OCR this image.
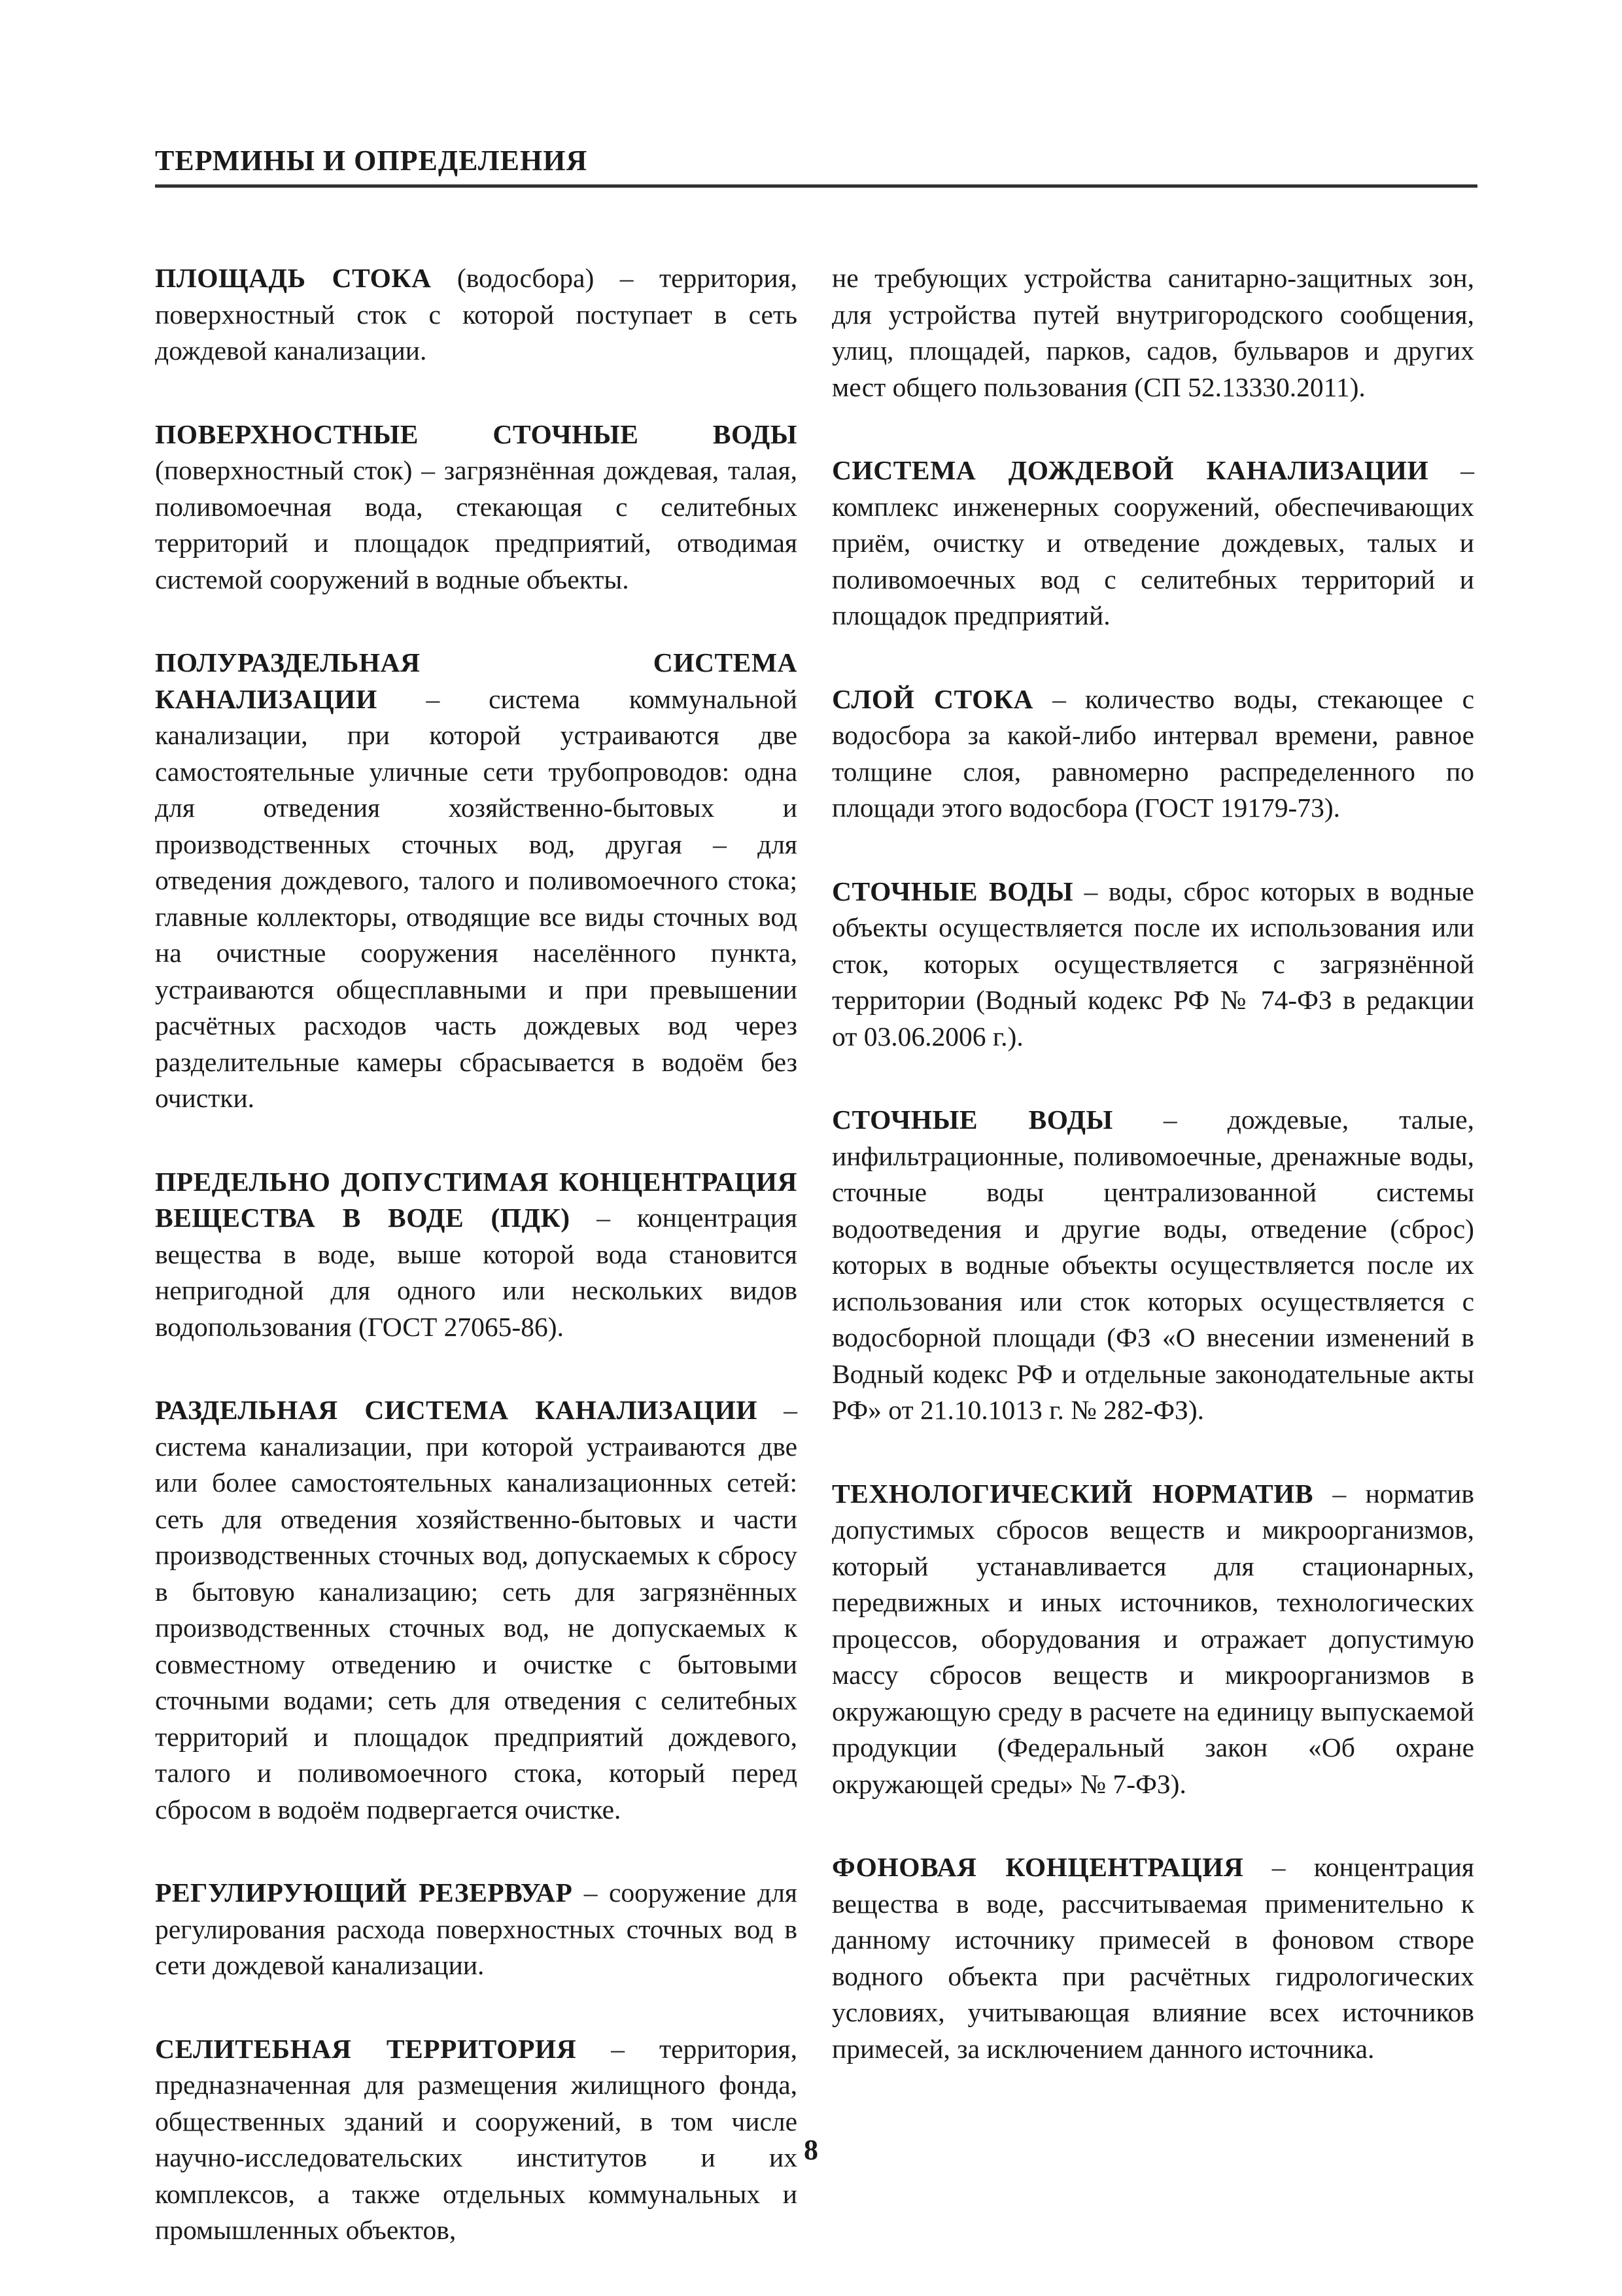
ТЕРМИНЫ И ОПРЕДЕЛЕНИЯ

ПЛОЩАДЬ СТОКА (водосбора) – территория, поверхностный сток с которой поступает в сеть дождевой канализации.

ПОВЕРХНОСТНЫЕ СТОЧНЫЕ ВОДЫ (поверхностный сток) – загрязнённая дождевая, талая, поливомоечная вода, стекающая с селитебных территорий и площадок предприятий, отводимая системой сооружений в водные объекты.

ПОЛУРАЗДЕЛЬНАЯ СИСТЕМА КАНАЛИЗАЦИИ – система коммунальной канализации, при которой устраиваются две самостоятельные уличные сети трубопроводов: одна для отведения хозяйственно-бытовых и производственных сточных вод, другая – для отведения дождевого, талого и поливомоечного стока; главные коллекторы, отводящие все виды сточных вод на очистные сооружения населённого пункта, устраиваются общесплавными и при превышении расчётных расходов часть дождевых вод через разделительные камеры сбрасывается в водоём без очистки.

ПРЕДЕЛЬНО ДОПУСТИМАЯ КОНЦЕНТРАЦИЯ ВЕЩЕСТВА В ВОДЕ (ПДК) – концентрация вещества в воде, выше которой вода становится непригодной для одного или нескольких видов водопользования (ГОСТ 27065-86).

РАЗДЕЛЬНАЯ СИСТЕМА КАНАЛИЗАЦИИ – система канализации, при которой устраиваются две или более самостоятельных канализационных сетей: сеть для отведения хозяйственно-бытовых и части производственных сточных вод, допускаемых к сбросу в бытовую канализацию; сеть для загрязнённых производственных сточных вод, не допускаемых к совместному отведению и очистке с бытовыми сточными водами; сеть для отведения с селитебных территорий и площадок предприятий дождевого, талого и поливомоечного стока, который перед сбросом в водоём подвергается очистке.

РЕГУЛИРУЮЩИЙ РЕЗЕРВУАР – сооружение для регулирования расхода поверхностных сточных вод в сети дождевой канализации.

СЕЛИТЕБНАЯ ТЕРРИТОРИЯ – территория, предназначенная для размещения жилищного фонда, общественных зданий и сооружений, в том числе научно-исследовательских институтов и их комплексов, а также отдельных коммунальных и промышленных объектов,

не требующих устройства санитарно-защитных зон, для устройства путей внутригородского сообщения, улиц, площадей, парков, садов, бульваров и других мест общего пользования (СП 52.13330.2011).

СИСТЕМА ДОЖДЕВОЙ КАНАЛИЗАЦИИ – комплекс инженерных сооружений, обеспечивающих приём, очистку и отведение дождевых, талых и поливомоечных вод с селитебных территорий и площадок предприятий.

СЛОЙ СТОКА – количество воды, стекающее с водосбора за какой-либо интервал времени, равное толщине слоя, равномерно распределенного по площади этого водосбора (ГОСТ 19179-73).

СТОЧНЫЕ ВОДЫ – воды, сброс которых в водные объекты осуществляется после их использования или сток, которых осуществляется с загрязнённой территории (Водный кодекс РФ № 74-ФЗ в редакции от 03.06.2006 г.).

СТОЧНЫЕ ВОДЫ – дождевые, талые, инфильтрационные, поливомоечные, дренажные воды, сточные воды централизованной системы водоотведения и другие воды, отведение (сброс) которых в водные объекты осуществляется после их использования или сток которых осуществляется с водосборной площади (ФЗ «О внесении изменений в Водный кодекс РФ и отдельные законодательные акты РФ» от 21.10.1013 г. № 282-ФЗ).

ТЕХНОЛОГИЧЕСКИЙ НОРМАТИВ – норматив допустимых сбросов веществ и микроорганизмов, который устанавливается для стационарных, передвижных и иных источников, технологических процессов, оборудования и отражает допустимую массу сбросов веществ и микроорганизмов в окружающую среду в расчете на единицу выпускаемой продукции (Федеральный закон «Об охране окружающей среды» № 7-ФЗ).

ФОНОВАЯ КОНЦЕНТРАЦИЯ – концентрация вещества в воде, рассчитываемая применительно к данному источнику примесей в фоновом створе водного объекта при расчётных гидрологических условиях, учитывающая влияние всех источников примесей, за исключением данного источника.

8
